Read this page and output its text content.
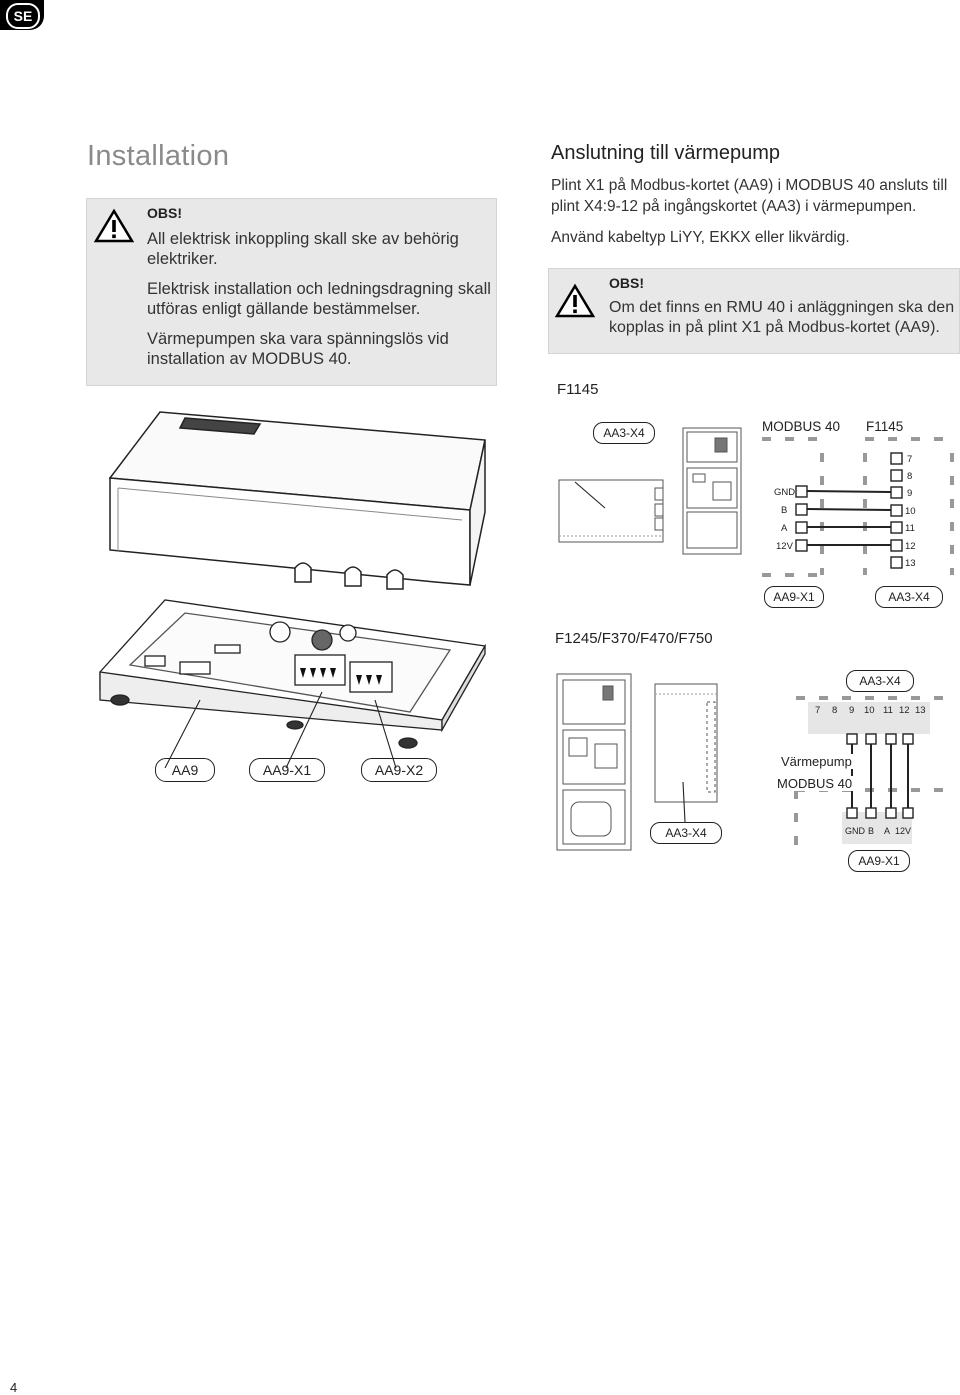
SE
Installation
OBS!

All elektrisk inkoppling skall ske av behörig elektriker.

Elektrisk installation och ledningsdragning skall utföras enligt gällande bestämmelser.

Värmepumpen ska vara spänningslös vid installation av MODBUS 40.

Anslutning till värmepump
Plint X1 på Modbus-kortet (AA9) i MODBUS 40 ansluts till plint X4:9-12 på ingångskortet (AA3) i värmepumpen.
Använd kabeltyp LiYY, EKKX eller likvärdig.
OBS!
Om det finns en RMU 40 i anläggningen ska den kopplas in på plint X1 på Modbus-kortet (AA9).
F1145
AA9	AA9-X1	AA9-X2
AA3-X4	MODBUS 40 F1145
GND
B
A
12V
7
8
9
10
11
12
13
AA9-X1	AA3-X4
F1245/F370/F470/F750
AA3-X4
7 8 9 10 11 12 13
Värmepump
MODBUS 40
GND B A 12V
AA3-X4
AA9-X1
4
